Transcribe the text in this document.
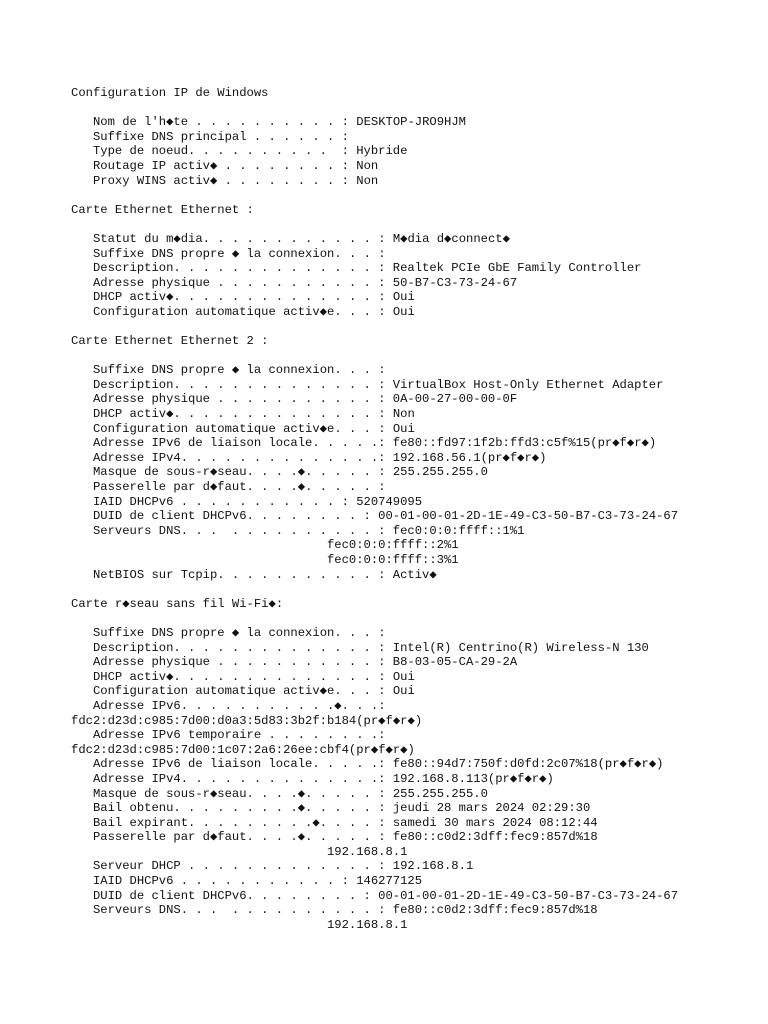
Configuration IP de Windows
Nom de l'h◆te . . . . . . . . . . : DESKTOP-JRO9HJM
Suffixe DNS principal . . . . . . :
Type de noeud. . . . . . . . . .  : Hybride
Routage IP activ◆ . . . . . . . . : Non
Proxy WINS activ◆ . . . . . . . . : Non
Carte Ethernet Ethernet :
Statut du m◆dia. . . . . . . . . . . . : M◆dia d◆connect◆
Suffixe DNS propre ◆ la connexion. . . :
Description. . . . . . . . . . . . . . : Realtek PCIe GbE Family Controller
Adresse physique . . . . . . . . . . . : 50-B7-C3-73-24-67
DHCP activ◆. . . . . . . . . . . . . . : Oui
Configuration automatique activ◆e. . . : Oui
Carte Ethernet Ethernet 2 :
Suffixe DNS propre ◆ la connexion. . . :
Description. . . . . . . . . . . . . . : VirtualBox Host-Only Ethernet Adapter
Adresse physique . . . . . . . . . . . : 0A-00-27-00-00-0F
DHCP activ◆. . . . . . . . . . . . . . : Non
Configuration automatique activ◆e. . . : Oui
Adresse IPv6 de liaison locale. . . . .: fe80::fd97:1f2b:ffd3:c5f%15(pr◆f◆r◆)
Adresse IPv4. . . . . . . . . . . . . .: 192.168.56.1(pr◆f◆r◆)
Masque de sous-r◆seau. . . .◆. . . . . : 255.255.255.0
Passerelle par d◆faut. . . .◆. . . . . :
IAID DHCPv6 . . . . . . . . . . . : 520749095
DUID de client DHCPv6. . . . . . . . : 00-01-00-01-2D-1E-49-C3-50-B7-C3-73-24-67
Serveurs DNS. . .  . . . . . . . . . . : fec0:0:0:ffff::1%1
fec0:0:0:ffff::2%1
fec0:0:0:ffff::3%1
NetBIOS sur Tcpip. . . . . . . . . . . : Activ◆
Carte r◆seau sans fil Wi-Fi◆:
Suffixe DNS propre ◆ la connexion. . . :
Description. . . . . . . . . . . . . . : Intel(R) Centrino(R) Wireless-N 130
Adresse physique . . . . . . . . . . . : B8-03-05-CA-29-2A
DHCP activ◆. . . . . . . . . . . . . . : Oui
Configuration automatique activ◆e. . . : Oui
Adresse IPv6. . . . . . . . . . .◆. . .:
fdc2:d23d:c985:7d00:d0a3:5d83:3b2f:b184(pr◆f◆r◆)
Adresse IPv6 temporaire . . . . . . . .:
fdc2:d23d:c985:7d00:1c07:2a6:26ee:cbf4(pr◆f◆r◆)
Adresse IPv6 de liaison locale. . . . .: fe80::94d7:750f:d0fd:2c07%18(pr◆f◆r◆)
Adresse IPv4. . . . . . . . . . . . . .: 192.168.8.113(pr◆f◆r◆)
Masque de sous-r◆seau. . . .◆. . . . . : 255.255.255.0
Bail obtenu. . . . . . . . .◆. . . . . : jeudi 28 mars 2024 02:29:30
Bail expirant. . . . . . . . .◆. . . . : samedi 30 mars 2024 08:12:44
Passerelle par d◆faut. . . .◆. . . . . : fe80::c0d2:3dff:fec9:857d%18
192.168.8.1
Serveur DHCP . . . . . . . . . . . . . : 192.168.8.1
IAID DHCPv6 . . . . . . . . . . . : 146277125
DUID de client DHCPv6. . . . . . . . : 00-01-00-01-2D-1E-49-C3-50-B7-C3-73-24-67
Serveurs DNS. . .  . . . . . . . . . . : fe80::c0d2:3dff:fec9:857d%18
192.168.8.1
